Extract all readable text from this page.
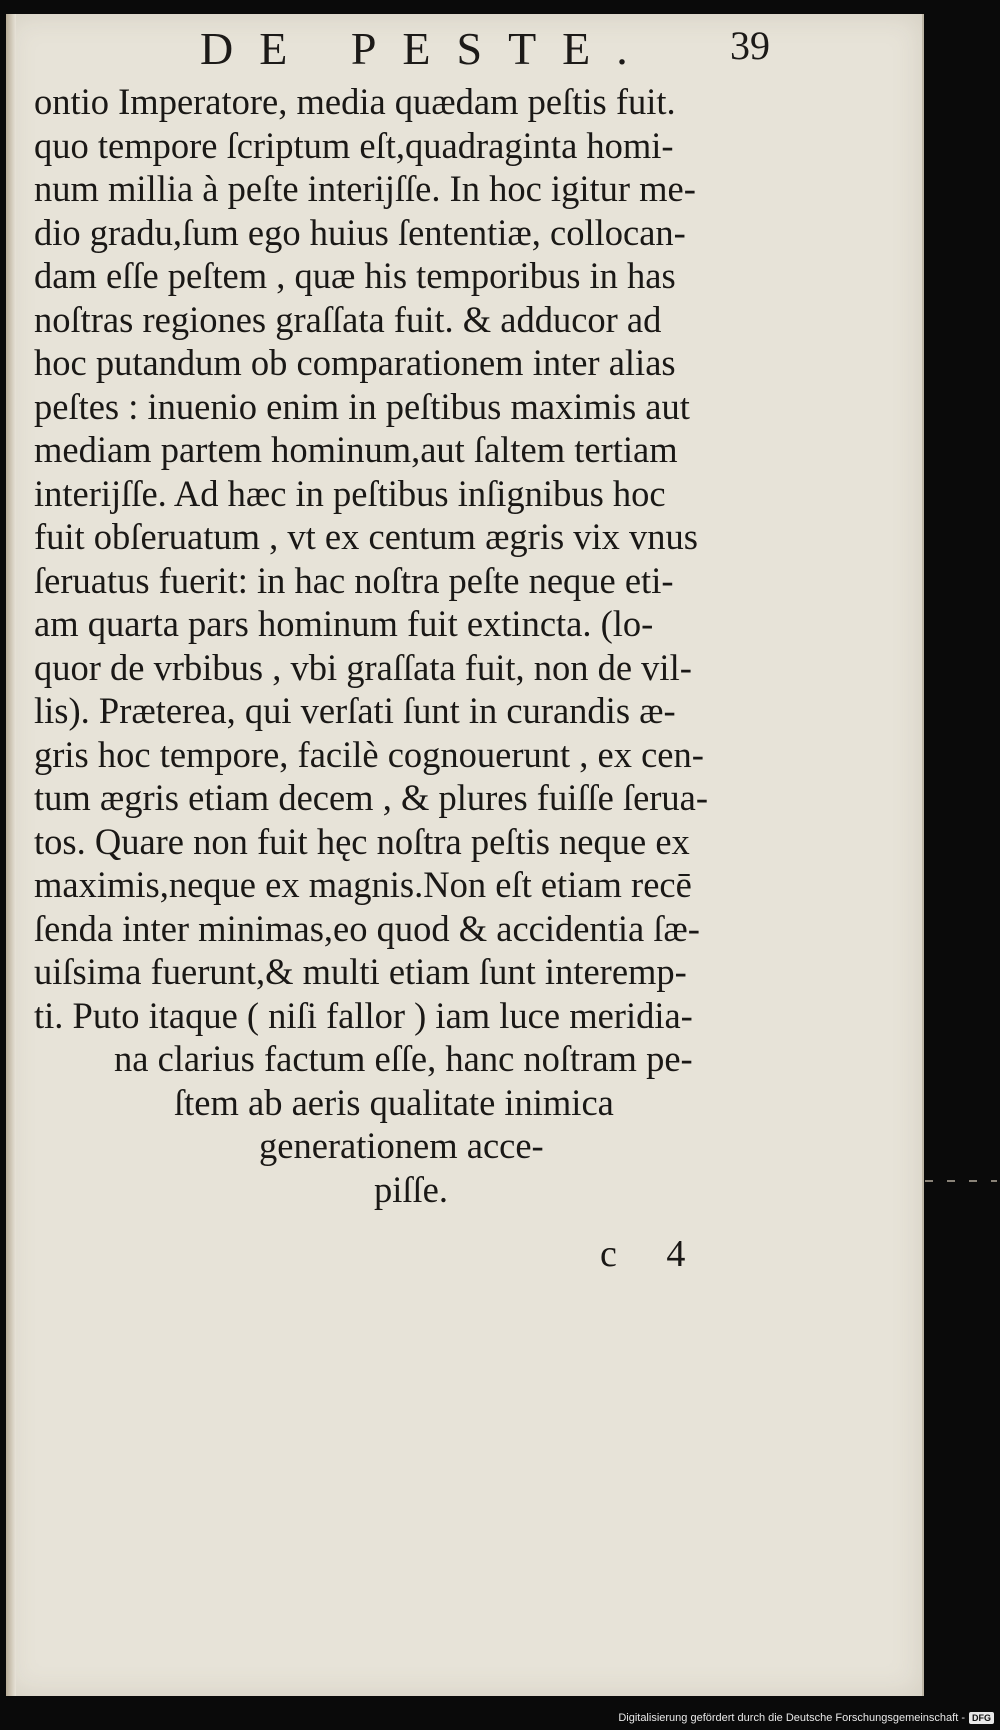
DE PESTE. 39
ontio Imperatore, media quædam peſtis fuit.
quo tempore ſcriptum eſt,quadraginta homi-
num millia à peſte interijſſe. In hoc igitur me-
dio gradu,ſum ego huius ſententiæ, collocan-
dam eſſe peſtem , quæ his temporibus in has
noſtras regiones graſſata fuit. & adducor ad
hoc putandum ob comparationem inter alias
peſtes : inuenio enim in peſtibus maximis aut
mediam partem hominum,aut ſaltem tertiam
interijſſe. Ad hæc in peſtibus inſignibus hoc
fuit obſeruatum , vt ex centum ægris vix vnus
ſeruatus fuerit: in hac noſtra peſte neque eti-
am quarta pars hominum fuit extincta. (lo-
quor de vrbibus , vbi graſſata fuit, non de vil-
lis). Præterea, qui verſati ſunt in curandis æ-
gris hoc tempore, facilè cognouerunt , ex cen-
tum ægris etiam decem , & plures fuiſſe ſerua-
tos. Quare non fuit hęc noſtra peſtis neque ex
maximis,neque ex magnis.Non eſt etiam recē
ſenda inter minimas,eo quod & accidentia ſæ-
uiſsima fuerunt,& multi etiam ſunt interemp-
ti. Puto itaque ( niſi fallor ) iam luce meridia-
na clarius factum eſſe, hanc noſtram pe-
ſtem ab aeris qualitate inimica
generationem acce-
piſſe.
c 4
Digitalisierung gefördert durch die Deutsche Forschungsgemeinschaft - DFG
